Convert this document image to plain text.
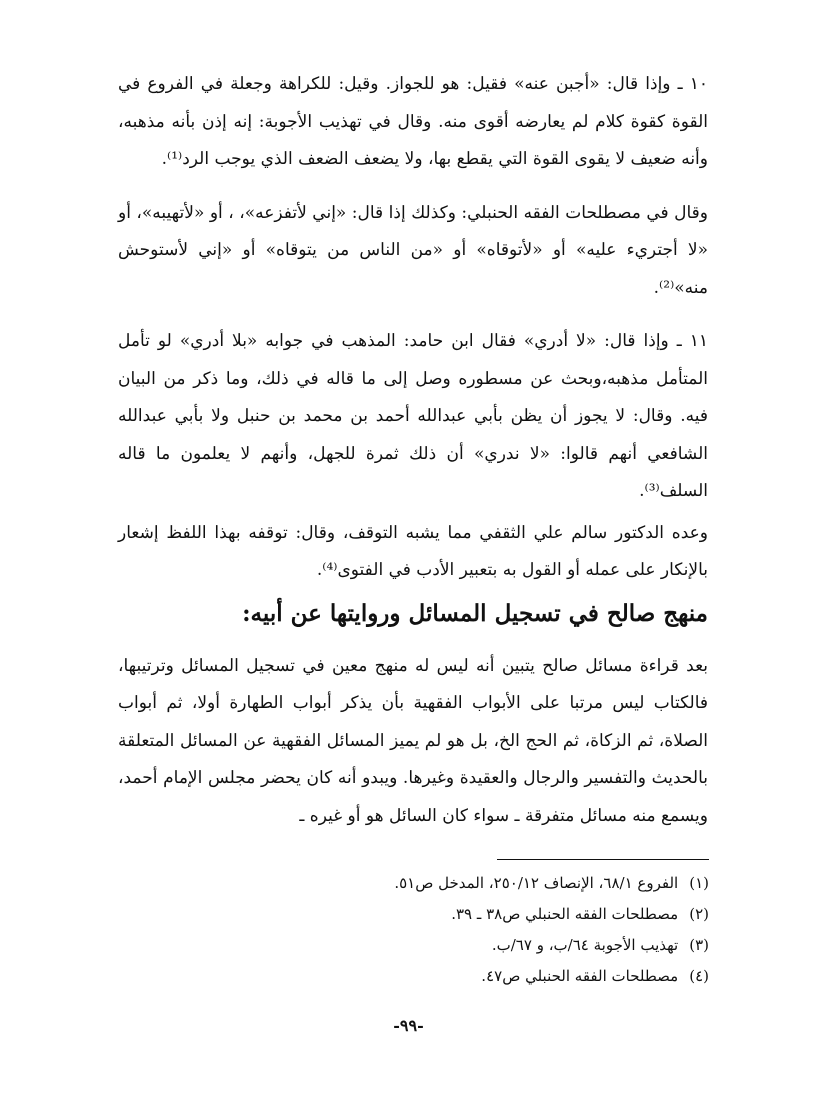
١٠ ـ وإذا قال: «أجبن عنه» فقيل: هو للجواز. وقيل: للكراهة وجعلة في الفروع في القوة كقوة كلام لم يعارضه أقوى منه. وقال في تهذيب الأجوبة: إنه إذن بأنه مذهبه، وأنه ضعيف لا يقوى القوة التي يقطع بها، ولا يضعف الضعف الذي يوجب الرد⁽¹⁾.

وقال في مصطلحات الفقه الحنبلي: وكذلك إذا قال: «إني لأتفزعه»، ، أو «لأتهيبه»، أو «لا أجتريء عليه» أو «لأتوقاه» أو «من الناس من يتوقاه» أو «إني لأستوحش منه»⁽²⁾.

١١ ـ وإذا قال: «لا أدري» فقال ابن حامد: المذهب في جوابه «بلا أدري» لو تأمل المتأمل مذهبه،وبحث عن مسطوره وصل إلى ما قاله في ذلك، وما ذكر من البيان فيه. وقال: لا يجوز أن يظن بأبي عبدالله أحمد بن محمد بن حنبل ولا بأبي عبدالله الشافعي أنهم قالوا: «لا ندري» أن ذلك ثمرة للجهل، وأنهم لا يعلمون ما قاله السلف⁽³⁾.

وعده الدكتور سالم علي الثقفي مما يشبه التوقف، وقال: توقفه بهذا اللفظ إشعار بالإنكار على عمله أو القول به بتعبير الأدب في الفتوى⁽⁴⁾.

منهج صالح في تسجيل المسائل وروايتها عن أبيه:

بعد قراءة مسائل صالح يتبين أنه ليس له منهج معين في تسجيل المسائل وترتيبها، فالكتاب ليس مرتبا على الأبواب الفقهية بأن يذكر أبواب الطهارة أولا، ثم أبواب الصلاة، ثم الزكاة، ثم الحج الخ، بل هو لم يميز المسائل الفقهية عن المسائل المتعلقة بالحديث والتفسير والرجال والعقيدة وغيرها. ويبدو أنه كان يحضر مجلس الإمام أحمد، ويسمع منه مسائل متفرقة ـ سواء كان السائل هو أو غيره ـ

(١) الفروع ٦٨/١، الإنصاف ٢٥٠/١٢، المدخل ص٥١.

(٢) مصطلحات الفقه الحنبلي ص٣٨ ـ ٣٩.

(٣) تهذيب الأجوبة ٦٤/ب، و ٦٧/ب.

(٤) مصطلحات الفقه الحنبلي ص٤٧.

-٩٩-
